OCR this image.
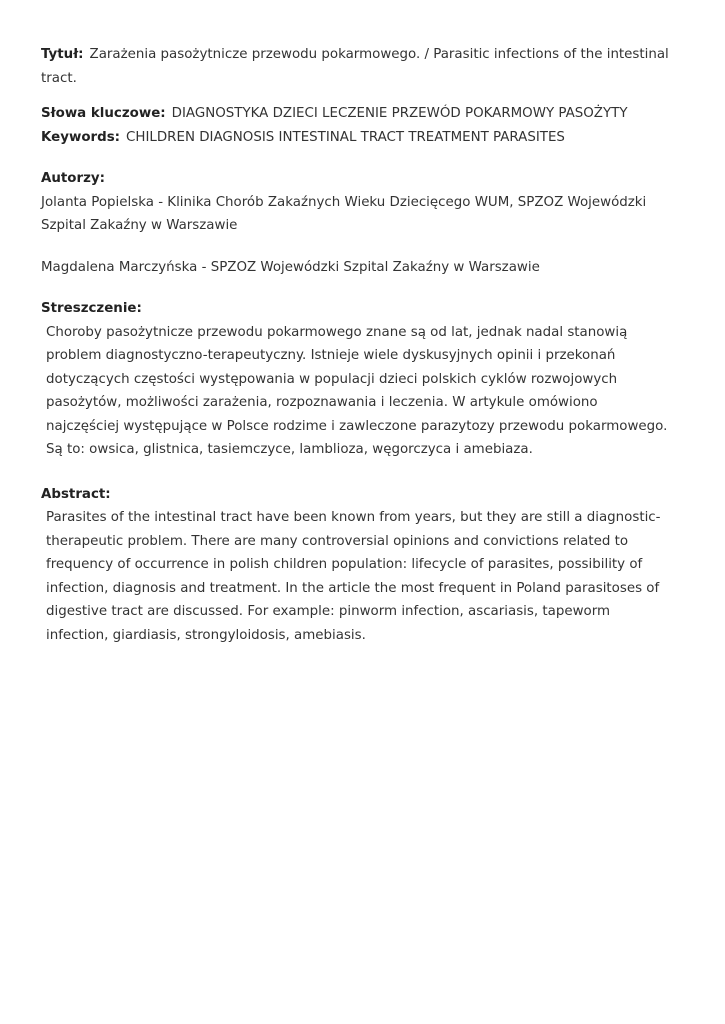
Tytuł: Zarażenia pasożytnicze przewodu pokarmowego. / Parasitic infections of the intestinal tract.

Słowa kluczowe: DIAGNOSTYKA DZIECI LECZENIE PRZEWÓD POKARMOWY PASOŻYTY

Keywords: CHILDREN DIAGNOSIS INTESTINAL TRACT TREATMENT PARASITES

Autorzy:

Jolanta Popielska - Klinika Chorób Zakaźnych Wieku Dziecięcego WUM, SPZOZ Wojewódzki Szpital Zakaźny w Warszawie

Magdalena Marczyńska - SPZOZ Wojewódzki Szpital Zakaźny w Warszawie

Streszczenie:

Choroby pasożytnicze przewodu pokarmowego znane są od lat, jednak nadal stanowią problem diagnostyczno-terapeutyczny. Istnieje wiele dyskusyjnych opinii i przekonań dotyczących częstości występowania w populacji dzieci polskich cyklów rozwojowych pasożytów, możliwości zarażenia, rozpoznawania i leczenia. W artykule omówiono najczęściej występujące w Polsce rodzime i zawleczone parazytozy przewodu pokarmowego. Są to: owsica, glistnica, tasiemczyce, lamblioza, węgorczyca i amebiaza.

Abstract:

Parasites of the intestinal tract have been known from years, but they are still a diagnostic-therapeutic problem. There are many controversial opinions and convictions related to frequency of occurrence in polish children population: lifecycle of parasites, possibility of infection, diagnosis and treatment. In the article the most frequent in Poland parasitoses of digestive tract are discussed. For example: pinworm infection, ascariasis, tapeworm infection, giardiasis, strongyloidosis, amebiasis.
